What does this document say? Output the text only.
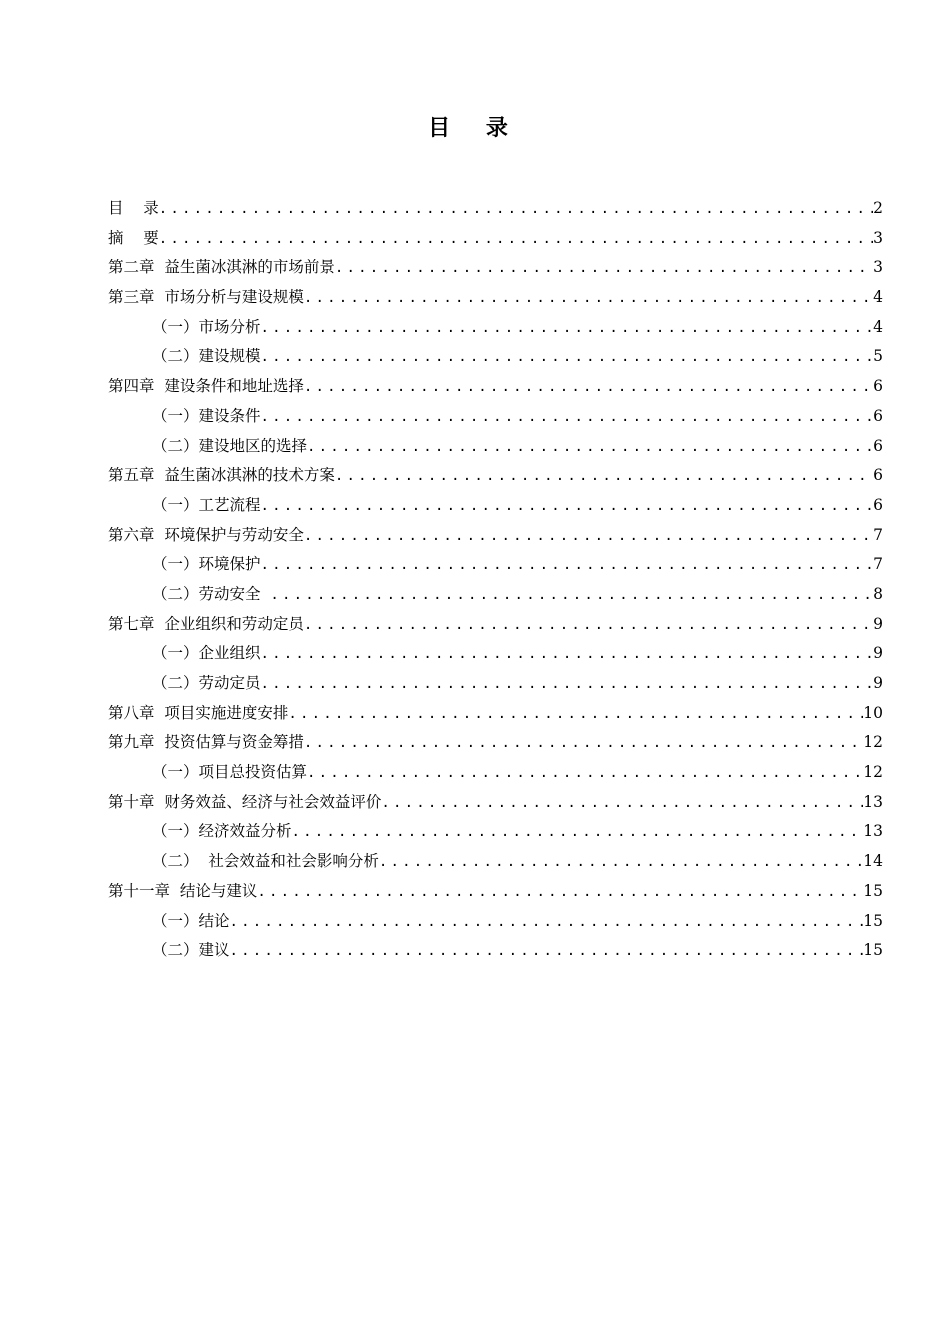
目 录
目    录 .....	2
摘    要 .....	3
第二章  益生菌冰淇淋的市场前景 .....	3
第三章  市场分析与建设规模 .....	4
（一）市场分析 .....	4
（二）建设规模 .....	5
第四章  建设条件和地址选择 .....	6
（一）建设条件 .....	6
（二）建设地区的选择 .....	6
第五章  益生菌冰淇淋的技术方案 .....	6
（一）工艺流程 .....	6
第六章  环境保护与劳动安全 .....	7
（一）环境保护 .....	7
（二）劳动安全 .....	8
第七章  企业组织和劳动定员 .....	9
（一）企业组织 .....	9
（二）劳动定员 .....	9
第八章  项目实施进度安排 .....	10
第九章  投资估算与资金筹措 .....	12
（一）项目总投资估算 .....	12
第十章  财务效益、经济与社会效益评价 .....	13
（一）经济效益分析 .....	13
（二）  社会效益和社会影响分析 .....	14
第十一章  结论与建议 .....	15
（一）结论 .....	15
（二）建议 .....	15
